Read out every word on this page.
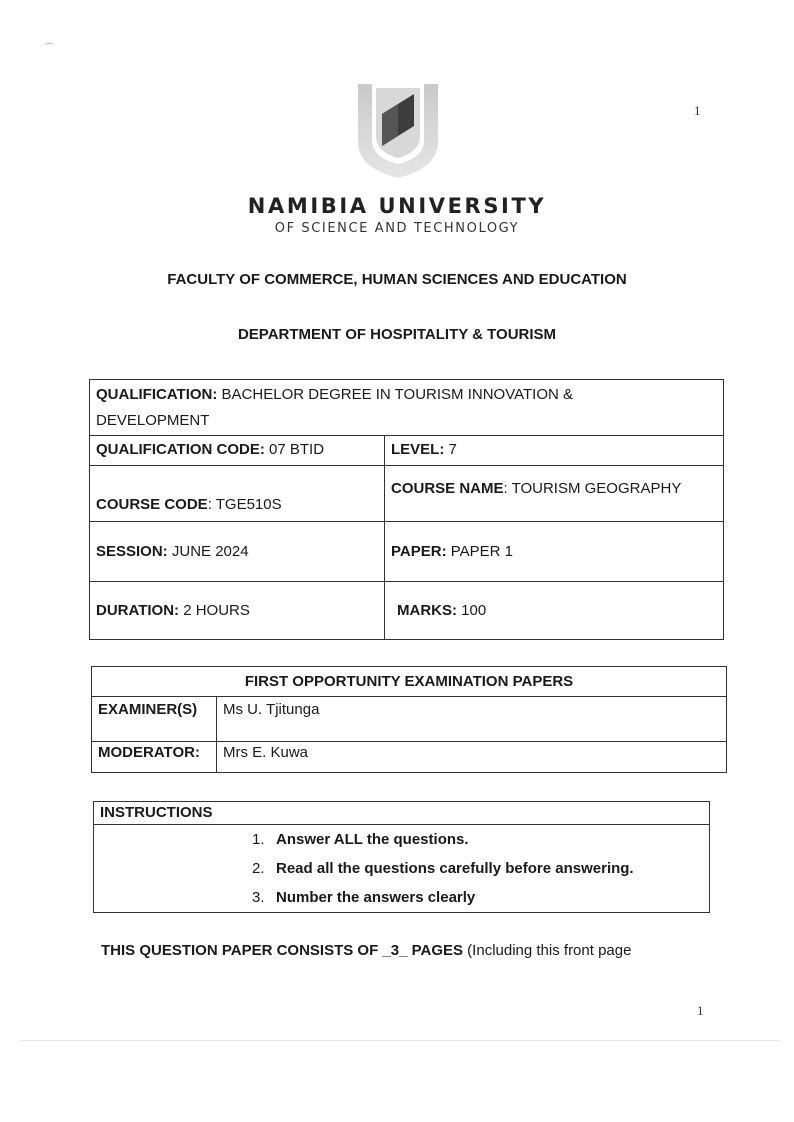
⌒
1
NAMIBIA UNIVERSITY
OF SCIENCE AND TECHNOLOGY
FACULTY OF COMMERCE, HUMAN SCIENCES AND EDUCATION
DEPARTMENT OF HOSPITALITY & TOURISM
QUALIFICATION: BACHELOR DEGREE IN TOURISM INNOVATION &
DEVELOPMENT	
QUALIFICATION CODE: 07 BTID	LEVEL: 7
COURSE CODE: TGE510S	COURSE NAME: TOURISM GEOGRAPHY
SESSION: JUNE 2024	PAPER: PAPER 1
DURATION: 2 HOURS	MARKS: 100
FIRST OPPORTUNITY EXAMINATION PAPERS	
EXAMINER(S)	Ms U. Tjitunga
MODERATOR:	Mrs E. Kuwa
INSTRUCTIONS

1. Answer ALL the questions.
2. Read all the questions carefully before answering.
3. Number the answers clearly
THIS QUESTION PAPER CONSISTS OF _3_ PAGES (Including this front page
1
